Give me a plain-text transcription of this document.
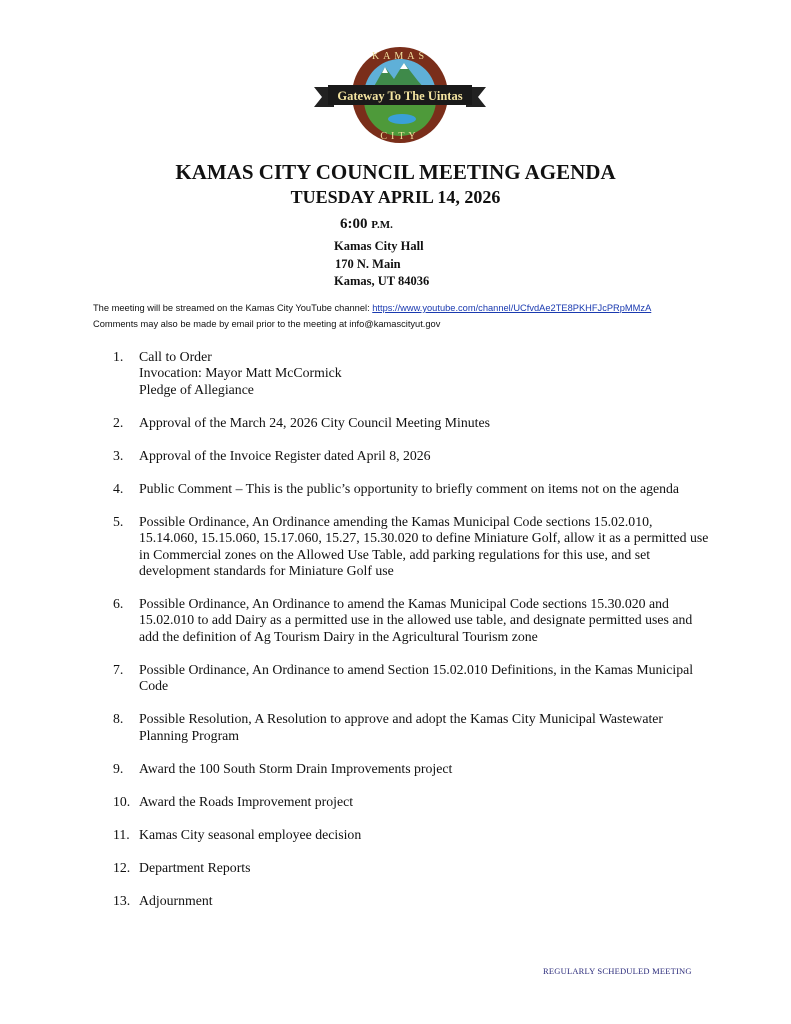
Gateway To The Uintas
KAMAS
CITY
KAMAS CITY COUNCIL MEETING AGENDA
TUESDAY APRIL 14, 2026
6:00 P.M.
Kamas City Hall
170 N. Main
Kamas, UT 84036
The meeting will be streamed on the Kamas City YouTube channel: https://www.youtube.com/channel/UCfvdAe2TE8PKHFJcPRpMMzA
Comments may also be made by email prior to the meeting at info@kamascityut.gov
1.	Call to Order
Invocation: Mayor Matt McCormick
Pledge of Allegiance
2.	Approval of the March 24, 2026 City Council Meeting Minutes
3.	Approval of the Invoice Register dated April 8, 2026
4.	Public Comment – This is the public’s opportunity to briefly comment on items not on the agenda
5.	Possible Ordinance, An Ordinance amending the Kamas Municipal Code sections 15.02.010, 15.14.060, 15.15.060, 15.17.060, 15.27, 15.30.020 to define Miniature Golf, allow it as a permitted use in Commercial zones on the Allowed Use Table, add parking regulations for this use, and set development standards for Miniature Golf use
6.	Possible Ordinance, An Ordinance to amend the Kamas Municipal Code sections 15.30.020 and 15.02.010 to add Dairy as a permitted use in the allowed use table, and designate permitted uses and add the definition of Ag Tourism Dairy in the Agricultural Tourism zone
7.	Possible Ordinance, An Ordinance to amend Section 15.02.010 Definitions, in the Kamas Municipal Code
8.	Possible Resolution, A Resolution to approve and adopt the Kamas City Municipal Wastewater Planning Program
9.	Award the 100 South Storm Drain Improvements project
10. Award the Roads Improvement project
11. Kamas City seasonal employee decision
12. Department Reports
13. Adjournment
REGULARLY SCHEDULED MEETING
